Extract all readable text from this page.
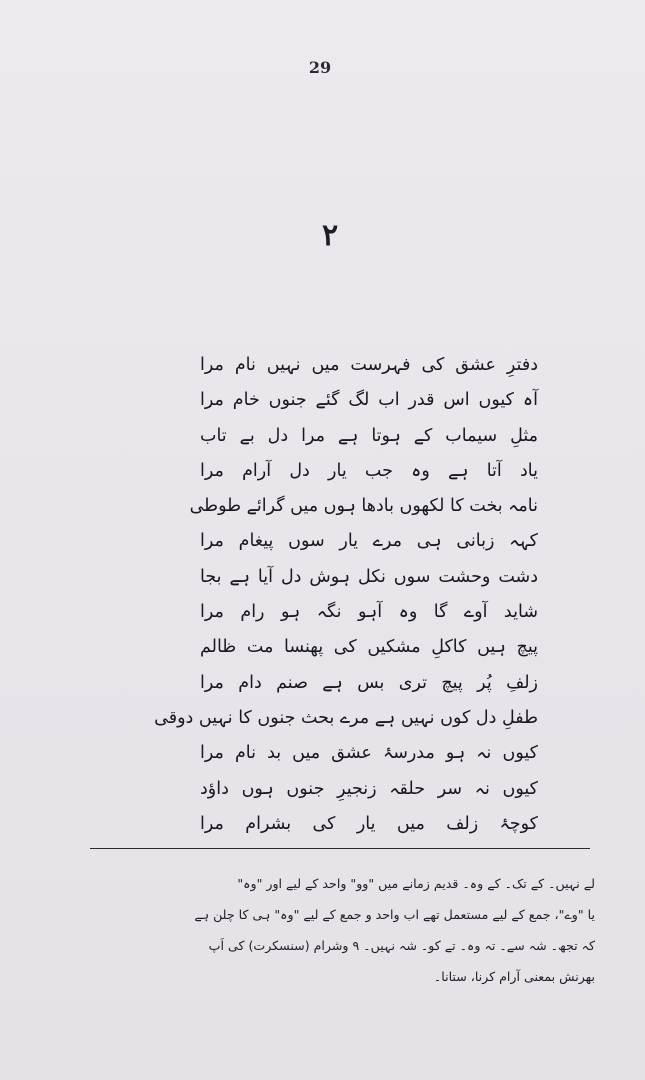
29
۲
دفترِ عشق کی فہرست میں نہیں نام مرا
آہ کیوں اس قدر اب لگ گئے جنوں خام مرا
مثلِ سیماب کے ہوتا ہے مرا دل بے تاب
یاد آتا ہے وہ جب یار دل آرام مرا
نامہ بخت کا لکھوں بادھا ہوں میں گرائے طوطی
کہہ زبانی ہی مرے یار سوں پیغام مرا
دشت وحشت سوں نکل ہوش دل آیا ہے بجا
شاید آوے گا وہ آہو نگہ ہو رام مرا
پیچ ہیں کاکلِ مشکیں کی پھنسا مت ظالم
زلفِ پُر پیچ تری بس ہے صنم دام مرا
طفلِ دل کوں نہیں ہے مرے بحث جنوں کا نہیں دوقی
کیوں نہ ہو مدرسۂ عشق میں بد نام مرا
کیوں نہ سر حلقہ زنجیرِ جنوں ہوں داؤد
کوچۂ زلف میں یار کی بشرام مرا
لے نہیں۔ کے تک۔ کے وہ۔ قدیم زمانے میں "وو" واحد کے لیے اور "وہ"
یا "وے"، جمع کے لیے مستعمل تھے اب واحد و جمع کے لیے "وہ" ہی کا چلن ہے
کہ تجھ۔ شہ سے۔ تہ وہ۔ تے کو۔ شہ نہیں۔ ۹ وشرام (سنسکرت) کی اَپ
بھرنش بمعنی آرام کرنا، ستانا۔
